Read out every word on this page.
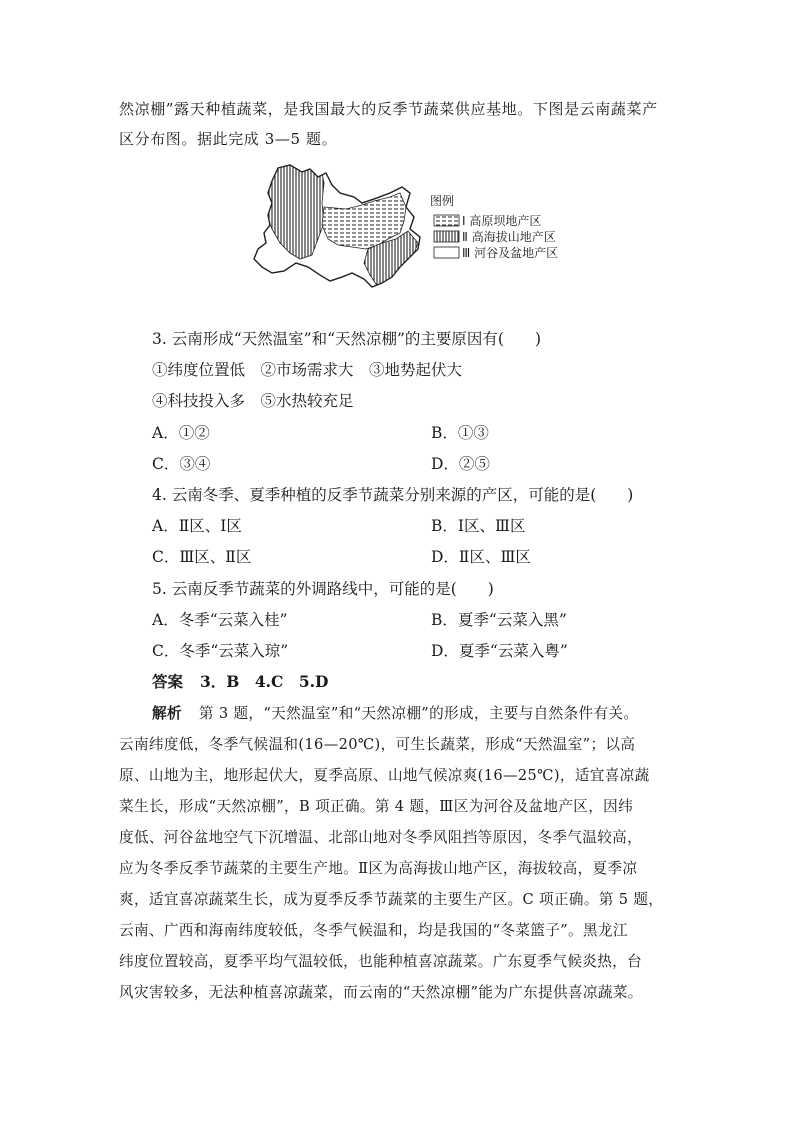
然凉棚”露天种植蔬菜，是我国最大的反季节蔬菜供应基地。下图是云南蔬菜产
区分布图。据此完成 3—5 题。
图例
Ⅰ 高原坝地产区
Ⅱ 高海拔山地产区
Ⅲ 河谷及盆地产区
3. 云南形成“天然温室”和“天然凉棚”的主要原因有(　　)
①纬度位置低　②市场需求大　③地势起伏大
④科技投入多　⑤水热较充足
A．①②	B．①③
C．③④	D．②⑤
4. 云南冬季、夏季种植的反季节蔬菜分别来源的产区，可能的是(　　)
A．Ⅱ区、Ⅰ区	B．Ⅰ区、Ⅲ区
C．Ⅲ区、Ⅱ区	D．Ⅱ区、Ⅲ区
5. 云南反季节蔬菜的外调路线中，可能的是(　　)
A．冬季“云菜入桂”	B．夏季“云菜入黑”
C．冬季“云菜入琼”	D．夏季“云菜入粤”
答案 3．B　4.C　5.D
解析 第 3 题，“天然温室”和“天然凉棚”的形成，主要与自然条件有关。
云南纬度低，冬季气候温和(16—20℃)，可生长蔬菜，形成“天然温室”；以高
原、山地为主，地形起伏大，夏季高原、山地气候凉爽(16—25℃)，适宜喜凉蔬
菜生长，形成“天然凉棚”，B 项正确。第 4 题，Ⅲ区为河谷及盆地产区，因纬
度低、河谷盆地空气下沉增温、北部山地对冬季风阻挡等原因，冬季气温较高，
应为冬季反季节蔬菜的主要生产地。Ⅱ区为高海拔山地产区，海拔较高，夏季凉
爽，适宜喜凉蔬菜生长，成为夏季反季节蔬菜的主要生产区。C 项正确。第 5 题，
云南、广西和海南纬度较低，冬季气候温和，均是我国的“冬菜篮子”。黑龙江
纬度位置较高，夏季平均气温较低，也能种植喜凉蔬菜。广东夏季气候炎热，台
风灾害较多，无法种植喜凉蔬菜，而云南的“天然凉棚”能为广东提供喜凉蔬菜。
